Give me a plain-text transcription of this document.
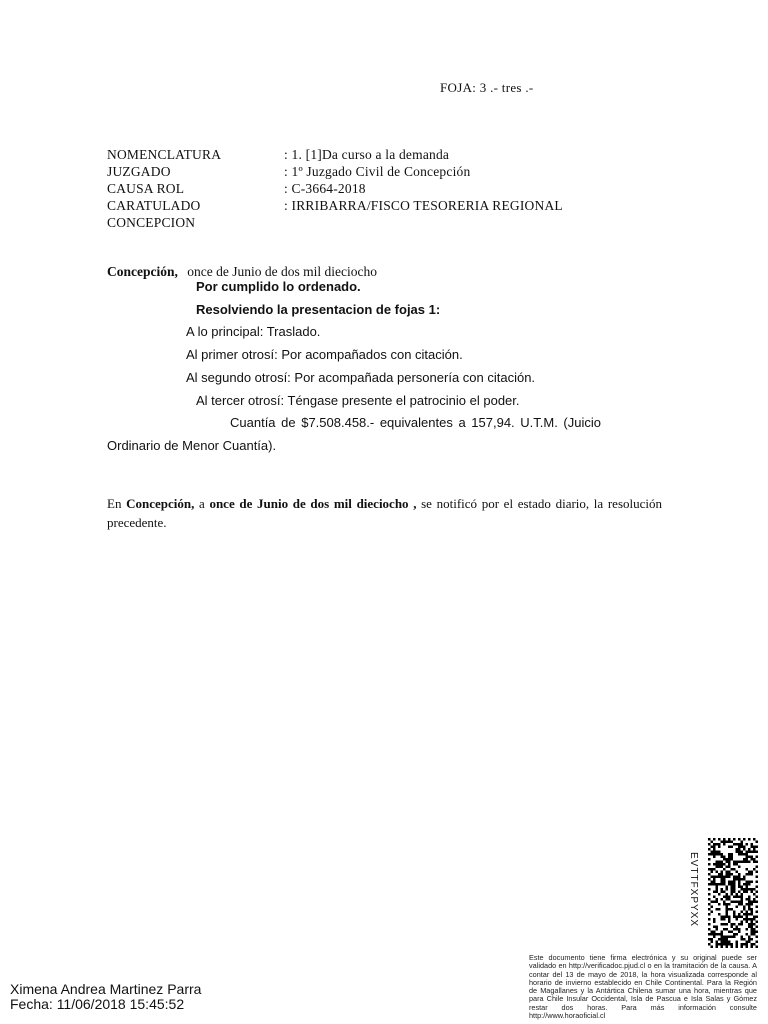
FOJA: 3 .- tres .-
NOMENCLATURA	: 1. [1]Da curso a la demanda
JUZGADO	: 1º Juzgado Civil de Concepción
CAUSA ROL	: C-3664-2018
CARATULADO	: IRRIBARRA/FISCO TESORERIA REGIONAL
CONCEPCION
Concepción, once de Junio de dos mil dieciocho
Por cumplido lo ordenado.
Resolviendo la presentacion de fojas 1:
A lo principal: Traslado.
Al primer otrosí: Por acompañados con citación.
Al segundo otrosí: Por acompañada personería con citación.
Al tercer otrosí: Téngase presente el patrocinio el poder.
Cuantía de $7.508.458.- equivalentes a 157,94. U.T.M. (Juicio
Ordinario de Menor Cuantía).
En Concepción, a once de Junio de dos mil dieciocho , se notificó por el estado diario, la resolución precedente.
EVTTFXPYXX
Este documento tiene firma electrónica y su original puede ser validado en http://verificadoc.pjud.cl o en la tramitación de la causa. A contar del 13 de mayo de 2018, la hora visualizada corresponde al horario de invierno establecido en Chile Continental. Para la Región de Magallanes y la Antártica Chilena sumar una hora, mientras que para Chile Insular Occidental, Isla de Pascua e Isla Salas y Gómez restar dos horas. Para más información consulte http://www.horaoficial.cl
Ximena Andrea Martinez Parra
Fecha: 11/06/2018 15:45:52
